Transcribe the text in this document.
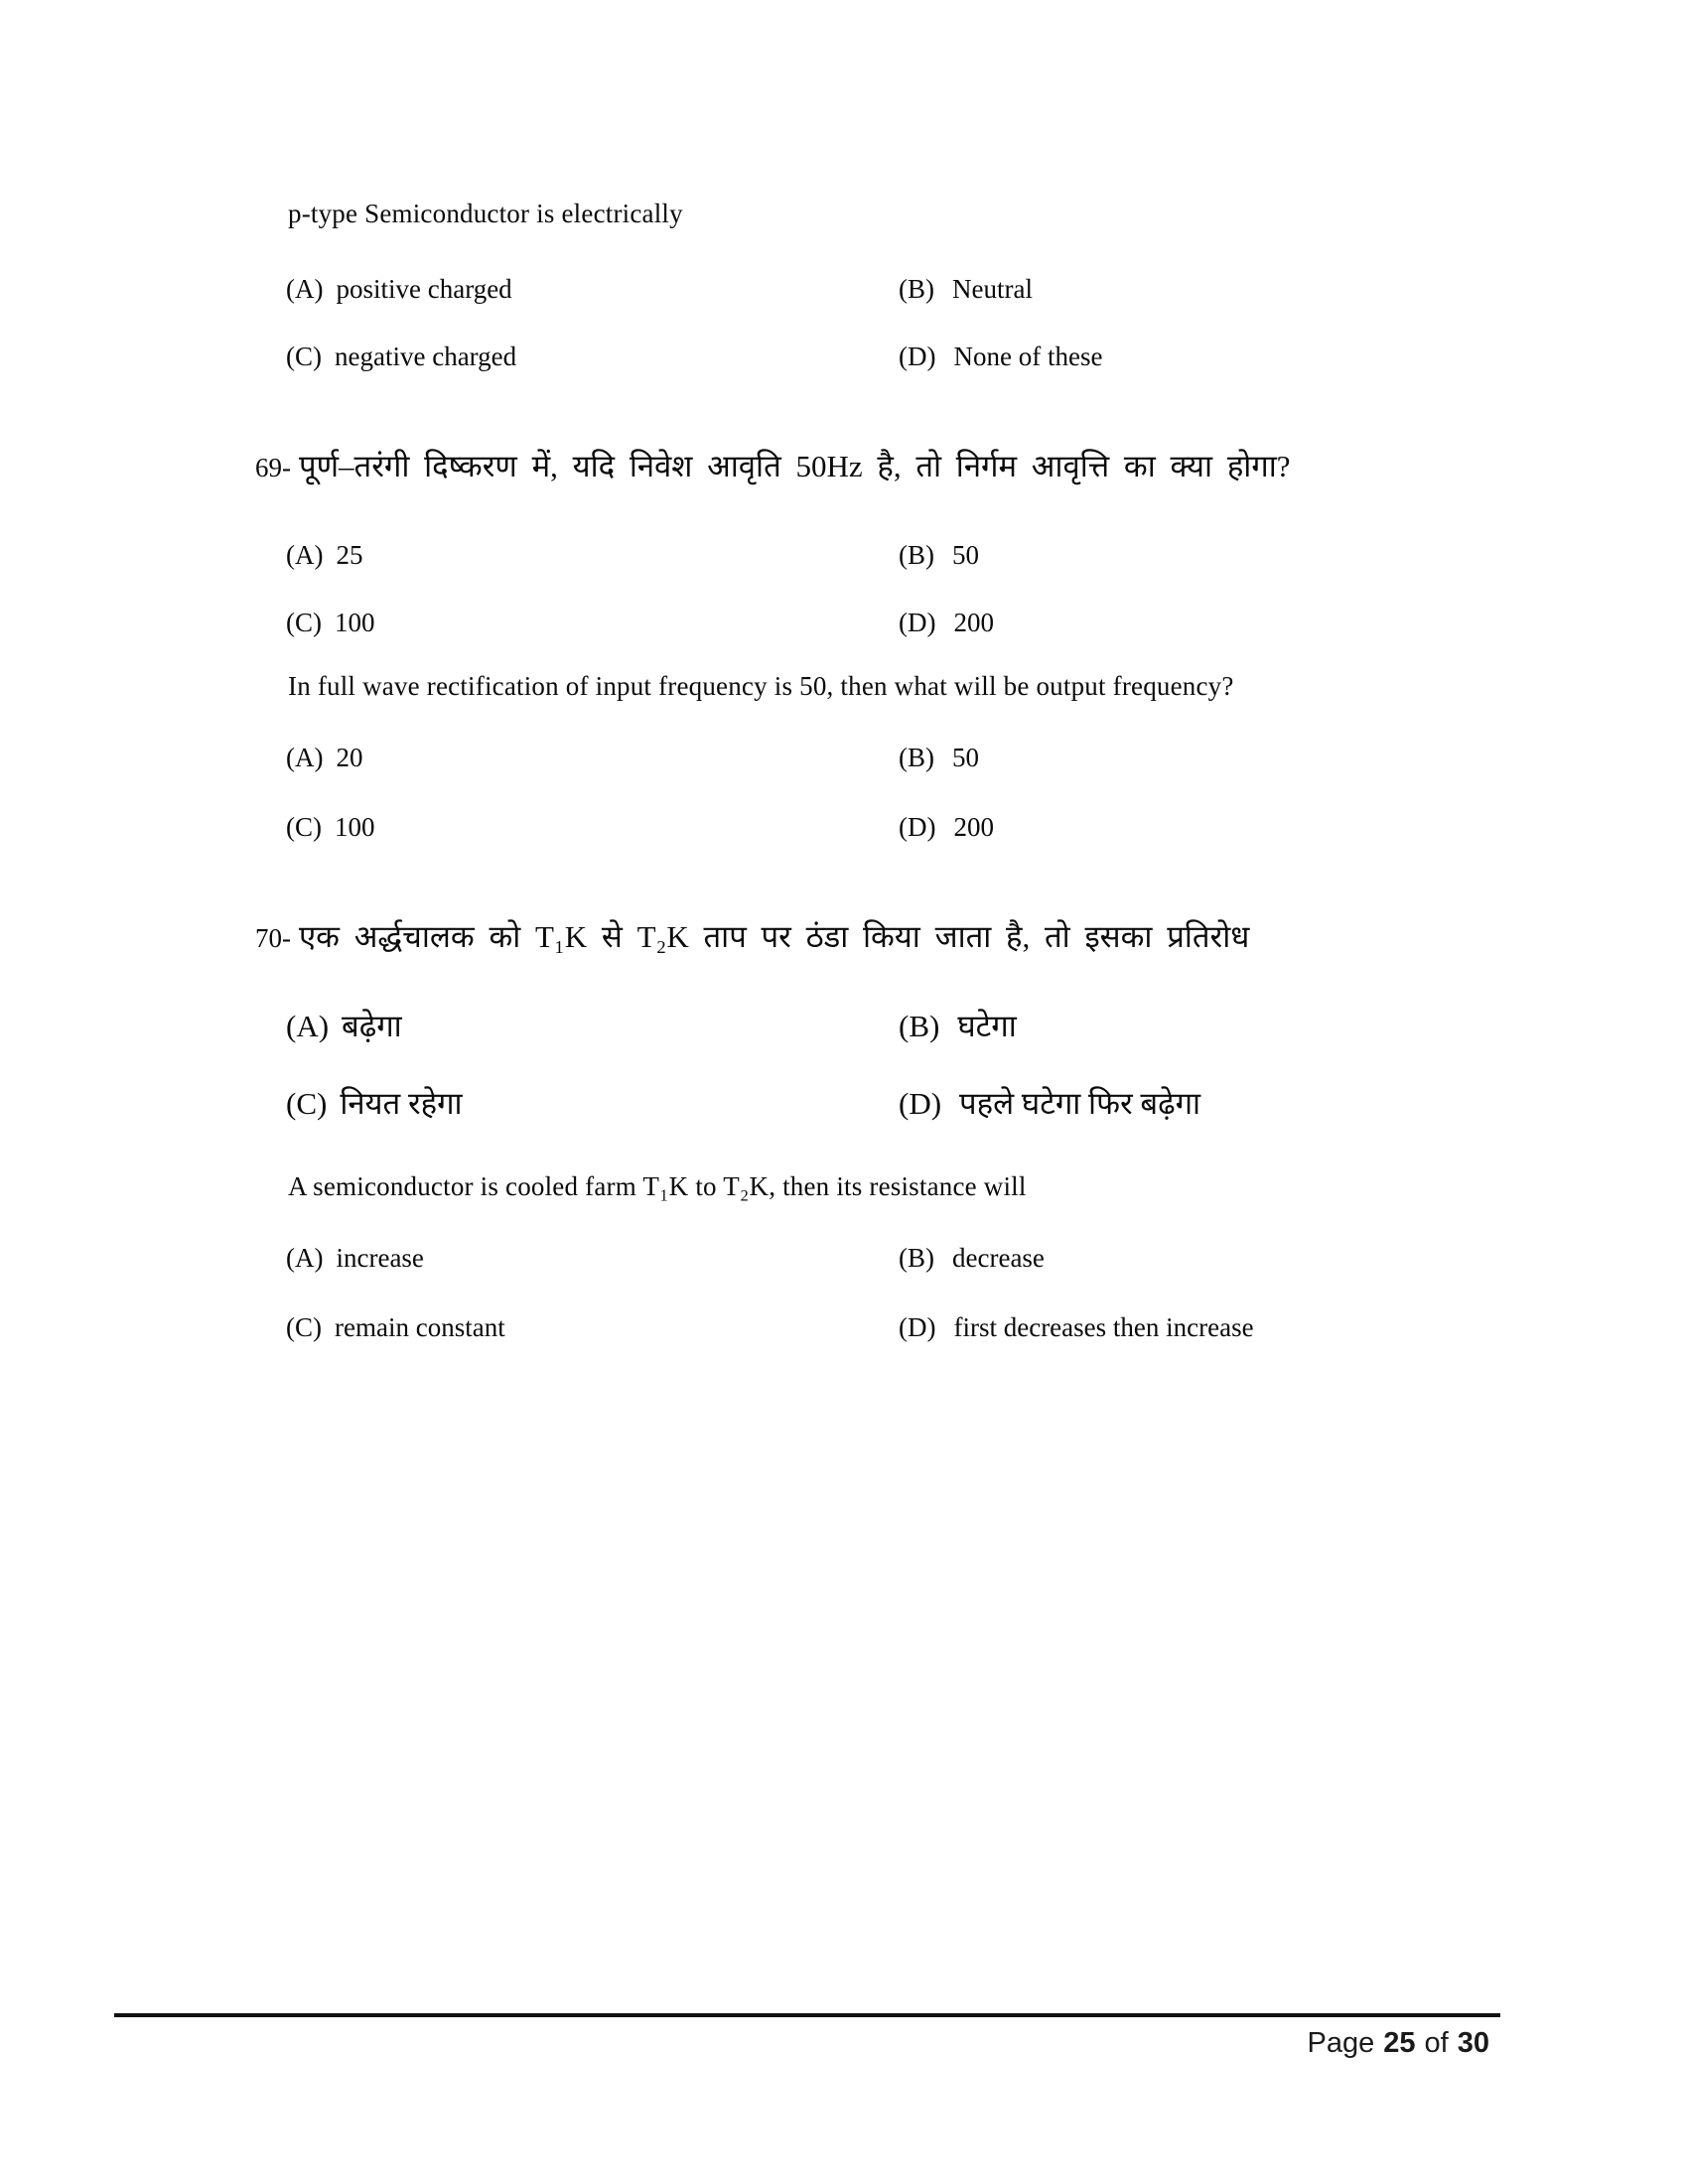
p-type Semiconductor is electrically
(A) positive charged	(B) Neutral
(C) negative charged	(D) None of these
69- पूर्ण–तरंगी दिष्करण में, यदि निवेश आवृति 50Hz है, तो निर्गम आवृत्ति का क्या होगा?
(A) 25	(B) 50
(C) 100	(D) 200
In full wave rectification of input frequency is 50, then what will be output frequency?
(A) 20	(B) 50
(C) 100	(D) 200
70- एक अर्द्धचालक को T₁K से T₂K ताप पर ठंडा किया जाता है, तो इसका प्रतिरोध
(A) बढ़ेगा	(B) घटेगा
(C) नियत रहेगा	(D) पहले घटेगा फिर बढ़ेगा
A semiconductor is cooled farm T₁K to T₂K, then its resistance will
(A) increase	(B) decrease
(C) remain constant	(D) first decreases then increase
Page 25 of 30
